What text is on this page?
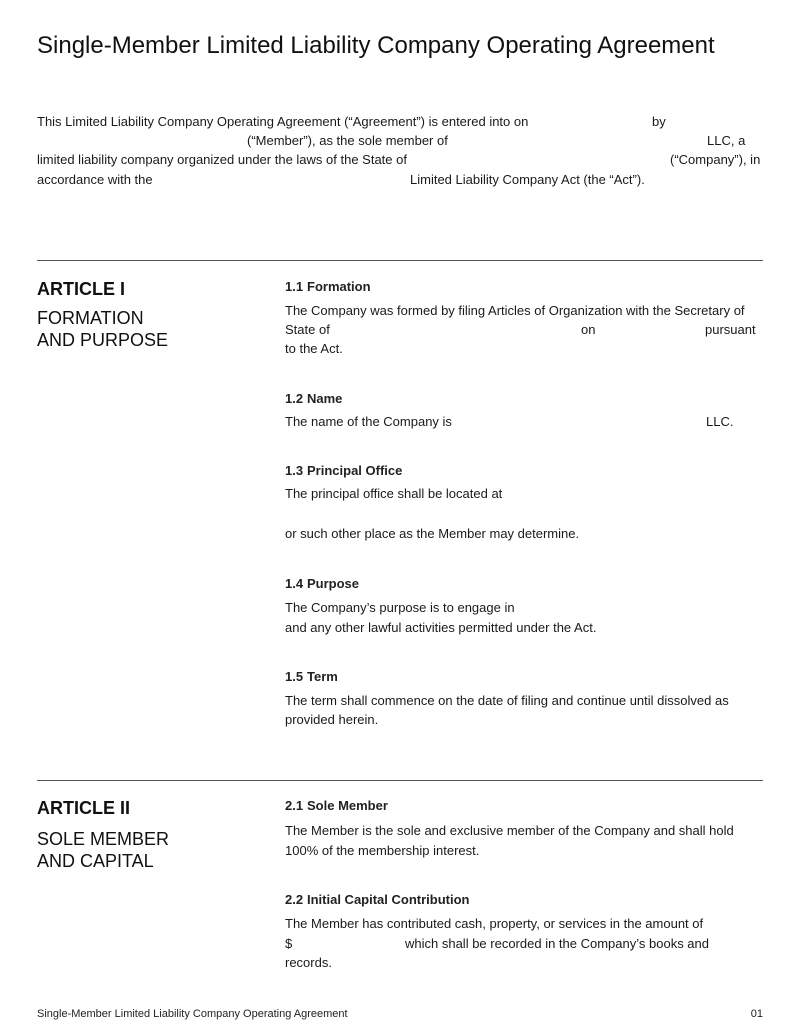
Single-Member Limited Liability Company Operating Agreement
This Limited Liability Company Operating Agreement (“Agreement”) is entered into on	by
(“Member”), as the sole member of	LLC, a
limited liability company organized under the laws of the State of	(“Company”), in
accordance with the	Limited Liability Company Act (the “Act”).
ARTICLE I
FORMATION
AND PURPOSE
1.1 Formation
The Company was formed by filing Articles of Organization with the Secretary of
State of	on	pursuant
to the Act.
1.2 Name
The name of the Company is	LLC.
1.3 Principal Office
The principal office shall be located at
or such other place as the Member may determine.
1.4 Purpose
The Company’s purpose is to engage in
and any other lawful activities permitted under the Act.
1.5 Term
The term shall commence on the date of filing and continue until dissolved as
provided herein.
ARTICLE II
SOLE MEMBER
AND CAPITAL
2.1 Sole Member
The Member is the sole and exclusive member of the Company and shall hold
100% of the membership interest.
2.2 Initial Capital Contribution
The Member has contributed cash, property, or services in the amount of
$	which shall be recorded in the Company’s books and
records.
Single-Member Limited Liability Company Operating Agreement	01
